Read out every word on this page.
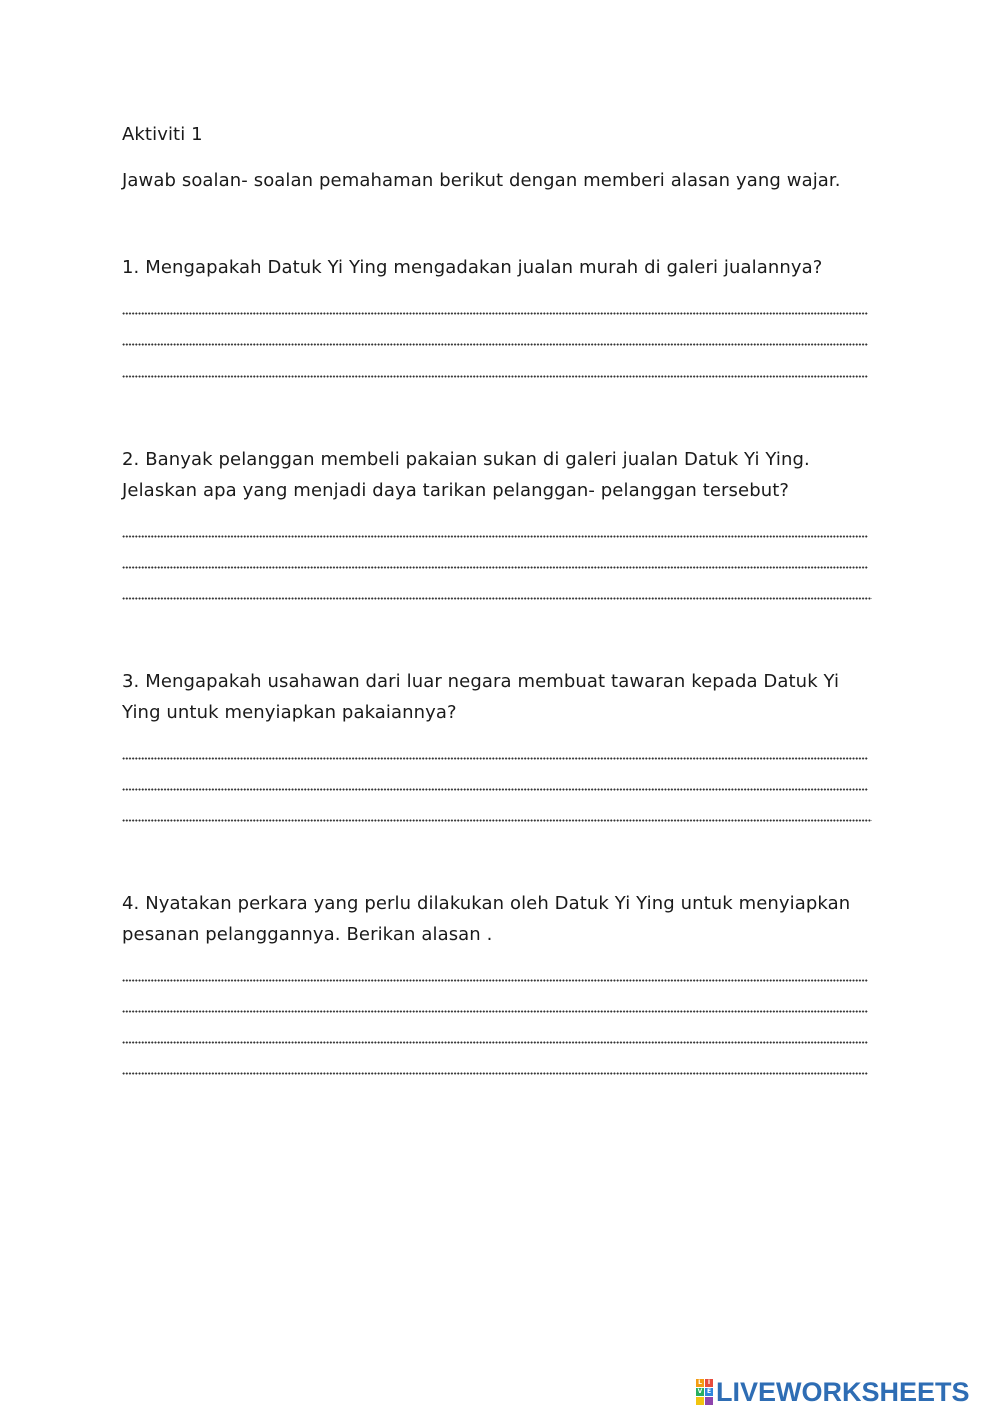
Aktiviti 1
Jawab soalan- soalan pemahaman berikut dengan memberi alasan yang wajar.
1. Mengapakah Datuk Yi Ying mengadakan jualan murah di galeri jualannya?
2. Banyak pelanggan membeli pakaian sukan di galeri jualan Datuk Yi Ying.
Jelaskan apa yang menjadi daya tarikan pelanggan- pelanggan tersebut?
3. Mengapakah usahawan dari luar negara membuat tawaran kepada Datuk Yi
Ying untuk menyiapkan pakaiannya?
4. Nyatakan perkara yang perlu dilakukan oleh Datuk Yi Ying untuk menyiapkan
pesanan pelanggannya. Berikan alasan .
L I
V E LIVEWORKSHEETS
